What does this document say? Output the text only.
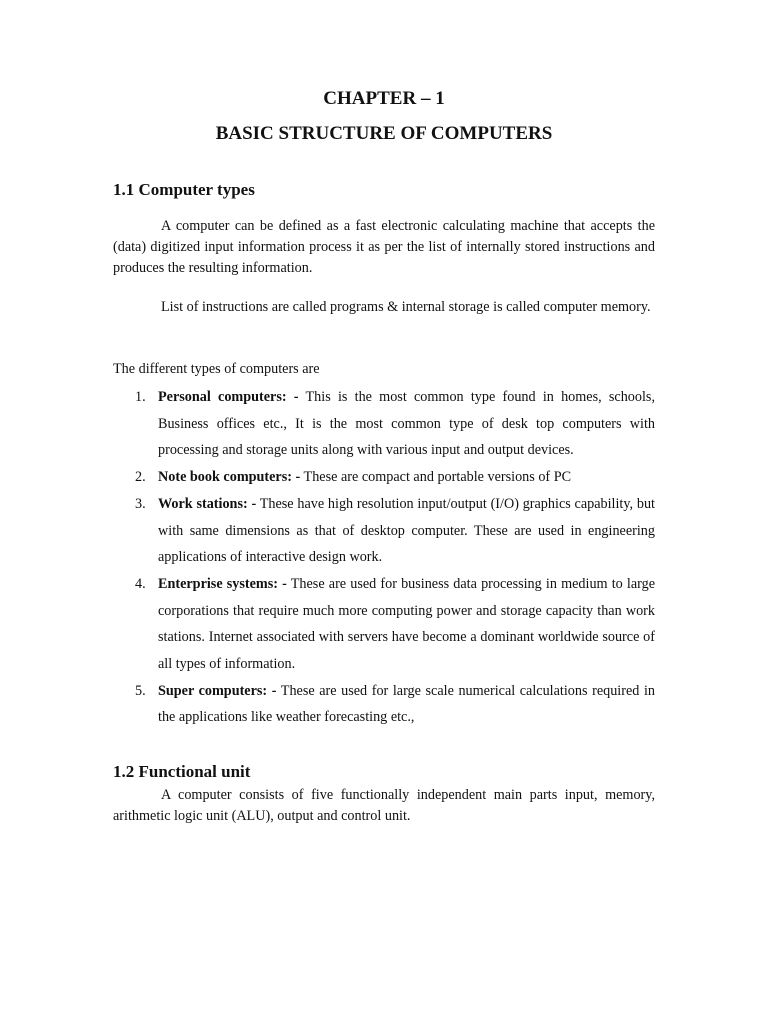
CHAPTER – 1
BASIC STRUCTURE OF COMPUTERS
1.1 Computer types

A computer can be defined as a fast electronic calculating machine that accepts the (data) digitized input information process it as per the list of internally stored instructions and produces the resulting information.

List of instructions are called programs & internal storage is called computer memory.

The different types of computers are

1. Personal computers: - This is the most common type found in homes, schools, Business offices etc., It is the most common type of desk top computers with processing and storage units along with various input and output devices.
2. Note book computers: - These are compact and portable versions of PC
3. Work stations: - These have high resolution input/output (I/O) graphics capability, but with same dimensions as that of desktop computer. These are used in engineering applications of interactive design work.
4. Enterprise systems: - These are used for business data processing in medium to large corporations that require much more computing power and storage capacity than work stations. Internet associated with servers have become a dominant worldwide source of all types of information.
5. Super computers: - These are used for large scale numerical calculations required in the applications like weather forecasting etc.,
1.2 Functional unit

A computer consists of five functionally independent main parts input, memory, arithmetic logic unit (ALU), output and control unit.
